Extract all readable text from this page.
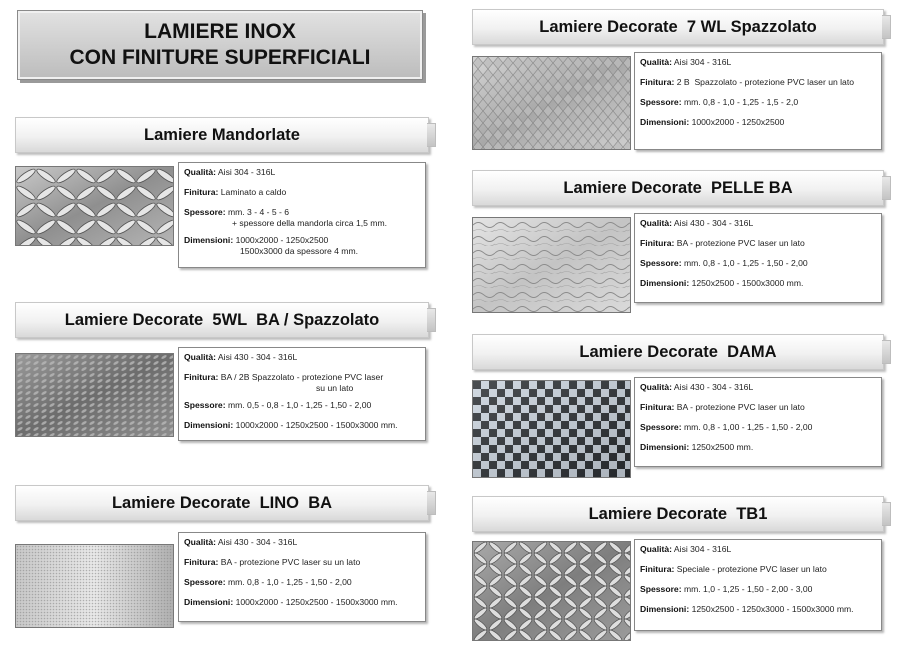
LAMIERE INOX
CON FINITURE SUPERFICIALI
Lamiere Mandorlate
Qualità: Aisi 304 - 316L
Finitura: Laminato a caldo
Spessore: mm. 3 - 4 - 5 - 6
+ spessore della mandorla circa 1,5 mm.
Dimensioni: 1000x2000 - 1250x2500
1500x3000 da spessore 4 mm.
Lamiere Decorate  5WL  BA / Spazzolato
Qualità: Aisi 430 - 304 - 316L
Finitura: BA / 2B Spazzolato - protezione PVC laser
su un lato
Spessore: mm. 0,5 - 0,8 - 1,0 - 1,25 - 1,50 - 2,00
Dimensioni: 1000x2000 - 1250x2500 - 1500x3000 mm.
Lamiere Decorate  LINO  BA
Qualità: Aisi 430 - 304 - 316L
Finitura: BA - protezione PVC laser su un lato
Spessore: mm. 0,8 - 1,0 - 1,25 - 1,50 - 2,00
Dimensioni: 1000x2000 - 1250x2500 - 1500x3000 mm.
Lamiere Decorate  7 WL Spazzolato
Qualità: Aisi 304 - 316L
Finitura: 2 B  Spazzolato - protezione PVC laser un lato
Spessore: mm. 0,8 - 1,0 - 1,25 - 1,5 - 2,0
Dimensioni: 1000x2000 - 1250x2500
Lamiere Decorate  PELLE BA
Qualità: Aisi 430 - 304 - 316L
Finitura: BA - protezione PVC laser un lato
Spessore: mm. 0,8 - 1,0 - 1,25 - 1,50 - 2,00
Dimensioni: 1250x2500 - 1500x3000 mm.
Lamiere Decorate  DAMA
Qualità: Aisi 430 - 304 - 316L
Finitura: BA - protezione PVC laser un lato
Spessore: mm. 0,8 - 1,00 - 1,25 - 1,50 - 2,00
Dimensioni: 1250x2500 mm.
Lamiere Decorate  TB1
Qualità: Aisi 304 - 316L
Finitura: Speciale - protezione PVC laser un lato
Spessore: mm. 1,0 - 1,25 - 1,50 - 2,00 - 3,00
Dimensioni: 1250x2500 - 1250x3000 - 1500x3000 mm.
